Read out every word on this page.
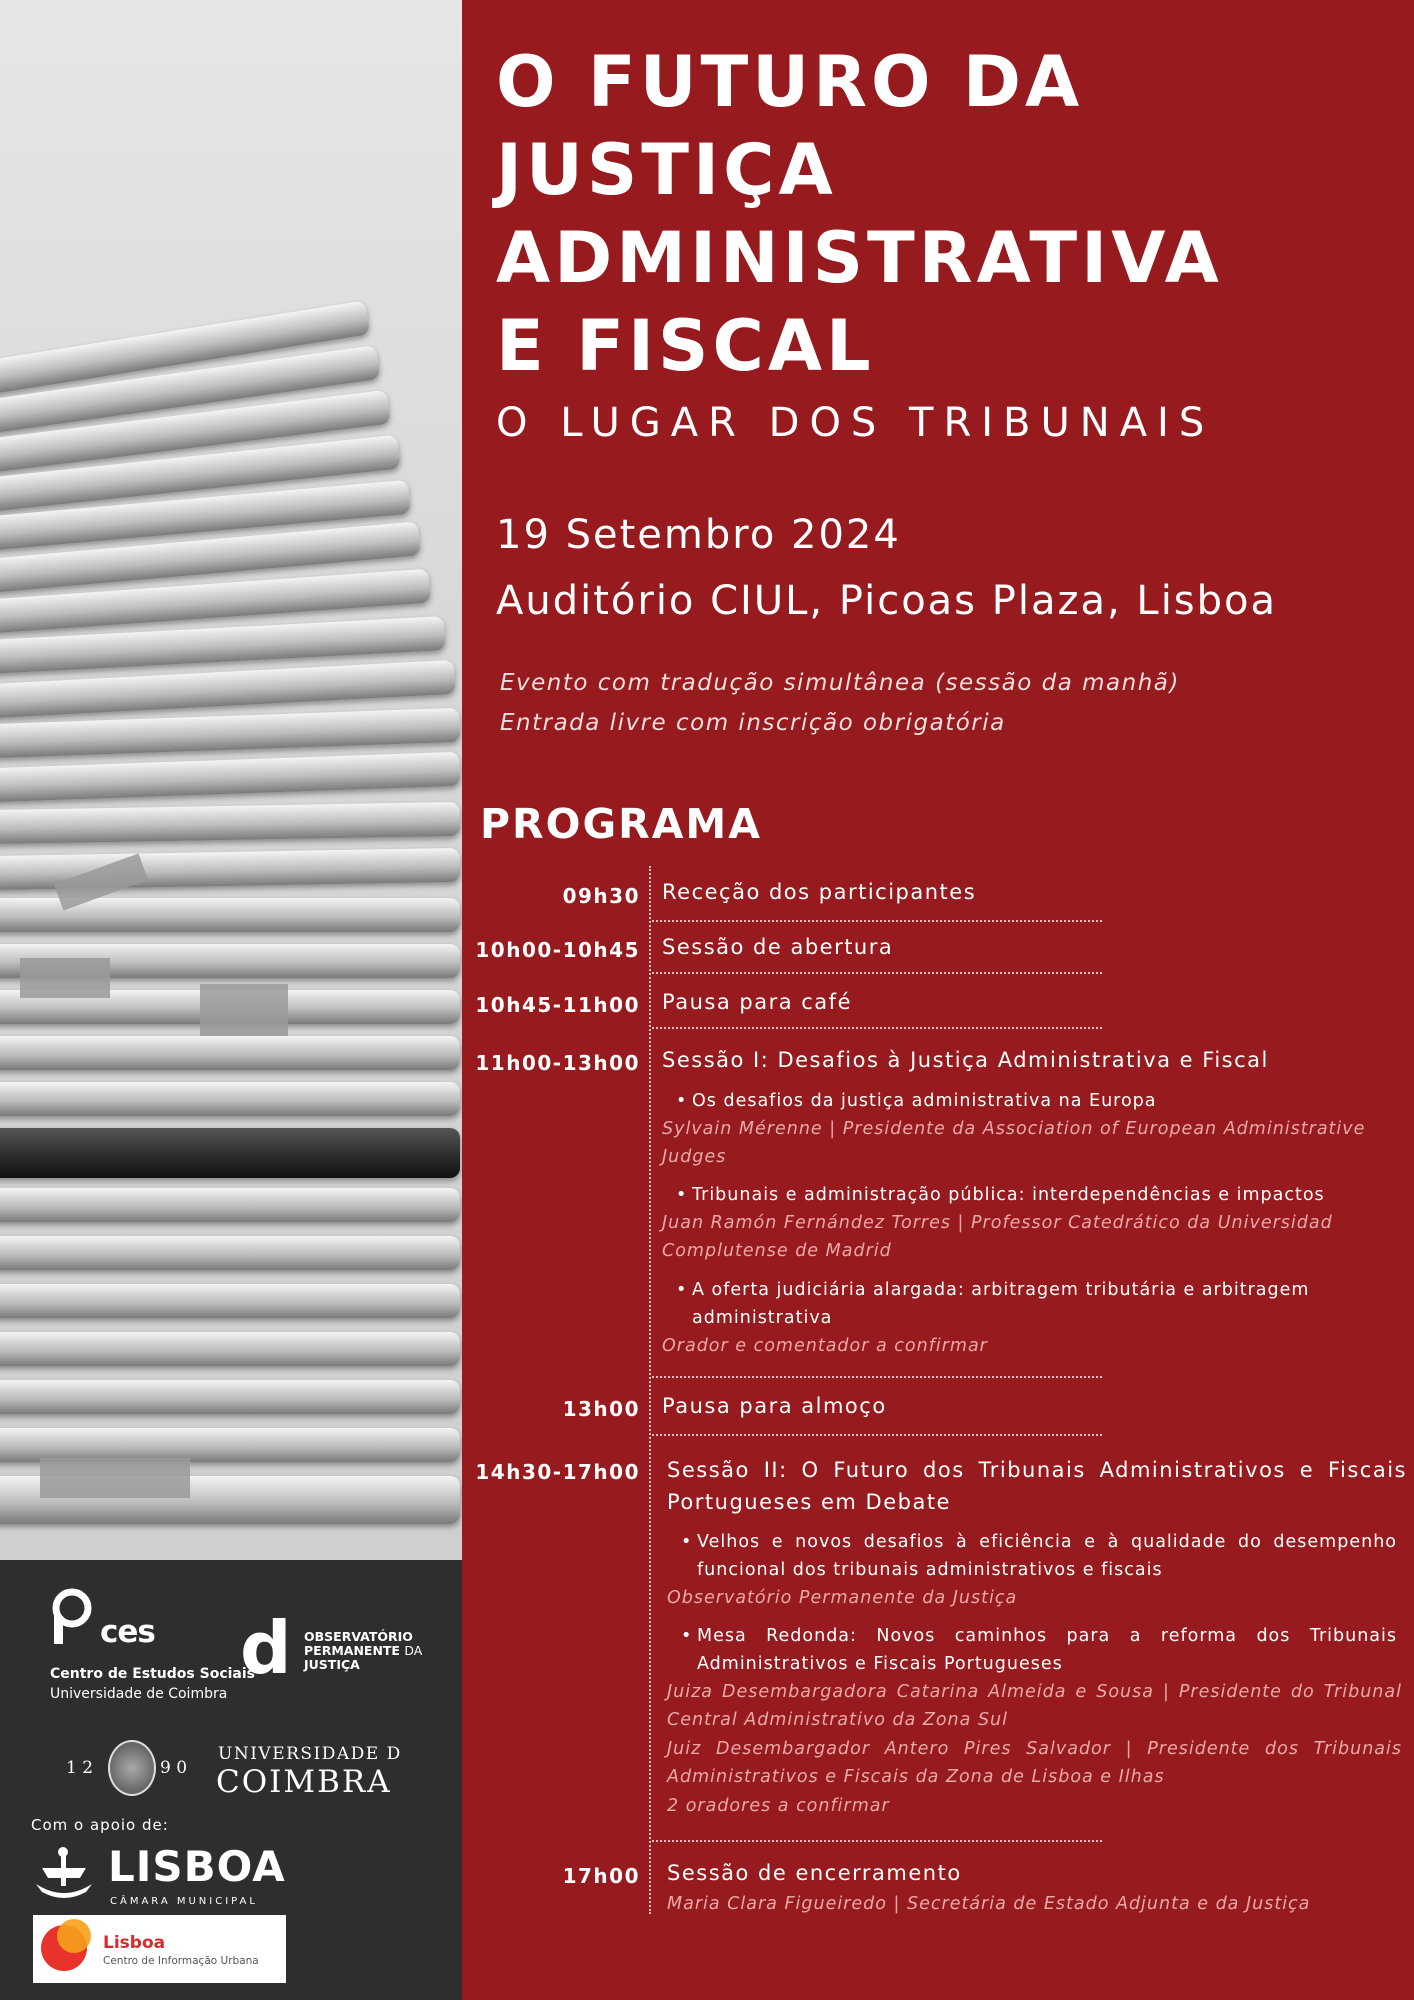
ces
Centro de Estudos Sociais
Universidade de Coimbra
d OBSERVATÓRIO
PERMANENTE DA
JUSTIÇA
1 2	9 0
UNIVERSIDADE D
COIMBRA
Com o apoio de:
LISBOA
CÂMARA MUNICIPAL
Lisboa
Centro de Informação Urbana
O FUTURO DA
JUSTIÇA
ADMINISTRATIVA
E FISCAL
O LUGAR DOS TRIBUNAIS
19 Setembro 2024
Auditório CIUL, Picoas Plaza, Lisboa
Evento com tradução simultânea (sessão da manhã)
Entrada livre com inscrição obrigatória
PROGRAMA
09h30 Receção dos participantes
10h00-10h45 Sessão de abertura
10h45-11h00 Pausa para café
11h00-13h00 Sessão I: Desafios à Justiça Administrativa e Fiscal
• Os desafios da justiça administrativa na Europa
Sylvain Mérenne | Presidente da Association of European Administrative Judges
• Tribunais e administração pública: interdependências e impactos
Juan Ramón Fernández Torres | Professor Catedrático da Universidad Complutense de Madrid
• A oferta judiciária alargada: arbitragem tributária e arbitragem administrativa
Orador e comentador a confirmar
13h00 Pausa para almoço
14h30-17h00 Sessão II: O Futuro dos Tribunais Administrativos e Fiscais Portugueses em Debate
• Velhos e novos desafios à eficiência e à qualidade do desempenho funcional dos tribunais administrativos e fiscais
Observatório Permanente da Justiça
• Mesa Redonda: Novos caminhos para a reforma dos Tribunais Administrativos e Fiscais Portugueses
Juiza Desembargadora Catarina Almeida e Sousa | Presidente do Tribunal Central Administrativo da Zona Sul
Juiz Desembargador Antero Pires Salvador | Presidente dos Tribunais Administrativos e Fiscais da Zona de Lisboa e Ilhas
2 oradores a confirmar
17h00 Sessão de encerramento
Maria Clara Figueiredo | Secretária de Estado Adjunta e da Justiça
